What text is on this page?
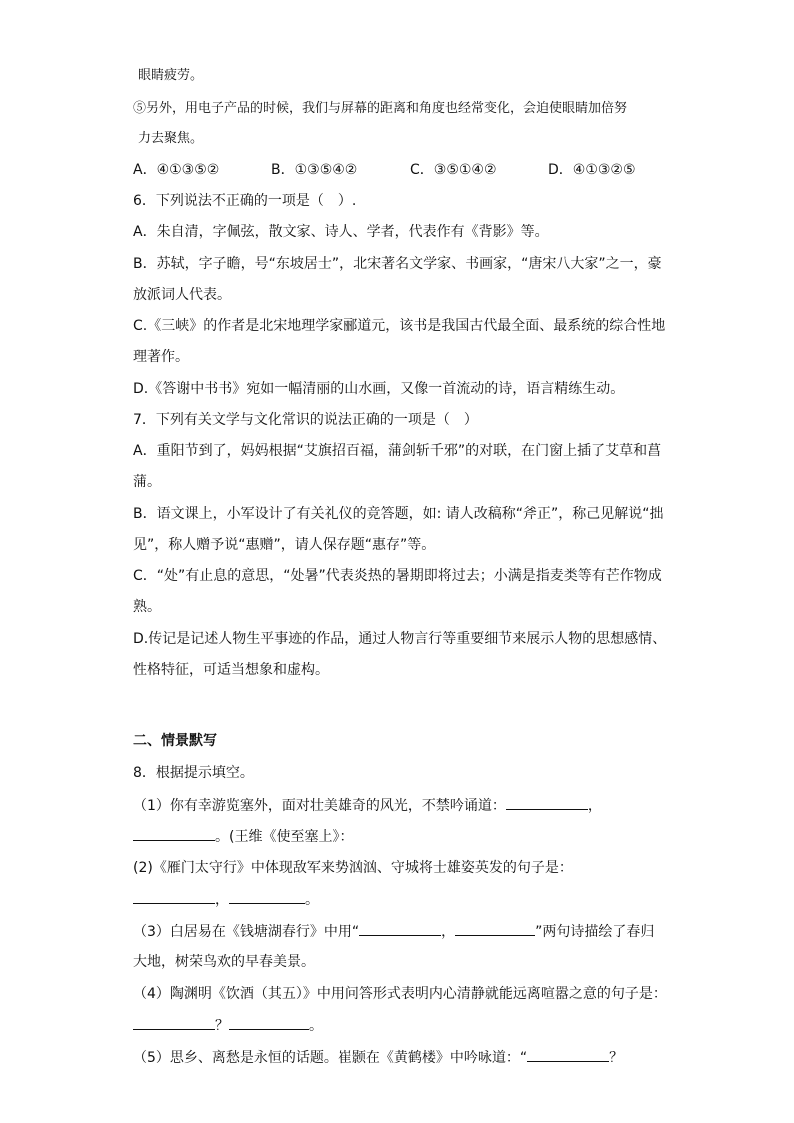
眼睛疲劳。
⑤另外，用电子产品的时候，我们与屏幕的距离和角度也经常变化，会迫使眼睛加倍努
力去聚焦。
A．④①③⑤②	B．①③⑤④②	C．③⑤①④②	D．④①③②⑤
6．下列说法不正确的一项是（　）.
A．朱自清，字佩弦，散文家、诗人、学者，代表作有《背影》等。
B．苏轼，字子瞻，号“东坡居士”，北宋著名文学家、书画家，“唐宋八大家”之一，豪
放派词人代表。
C.《三峡》的作者是北宋地理学家郦道元，该书是我国古代最全面、最系统的综合性地
理著作。
D.《答谢中书书》宛如一幅清丽的山水画，又像一首流动的诗，语言精练生动。
7．下列有关文学与文化常识的说法正确的一项是（　）
A．重阳节到了，妈妈根据“艾旗招百福，蒲剑斩千邪”的对联，在门窗上插了艾草和菖
蒲。
B．语文课上，小军设计了有关礼仪的竞答题，如: 请人改稿称“斧正”，称己见解说“拙
见”，称人赠予说“惠赠”，请人保存题“惠存”等。
C．“处”有止息的意思，“处暑”代表炎热的暑期即将过去；小满是指麦类等有芒作物成
熟。
D.传记是记述人物生平事迹的作品，通过人物言行等重要细节来展示人物的思想感情、
性格特征，可适当想象和虚构。
二、情景默写
8．根据提示填空。
（1）你有幸游览塞外，面对壮美雄奇的风光，不禁吟诵道：	，
。(王维《使至塞上》：
(2)《雁门太守行》中体现敌军来势汹汹、守城将士雄姿英发的句子是：
，	。
（3）白居易在《钱塘湖春行》中用“	，	”两句诗描绘了春归
大地，树荣鸟欢的早春美景。
（4）陶渊明《饮酒（其五）》中用问答形式表明内心清静就能远离喧嚣之意的句子是：
？	。
（5）思乡、离愁是永恒的话题。崔颢在《黄鹤楼》中吟咏道：“	？
